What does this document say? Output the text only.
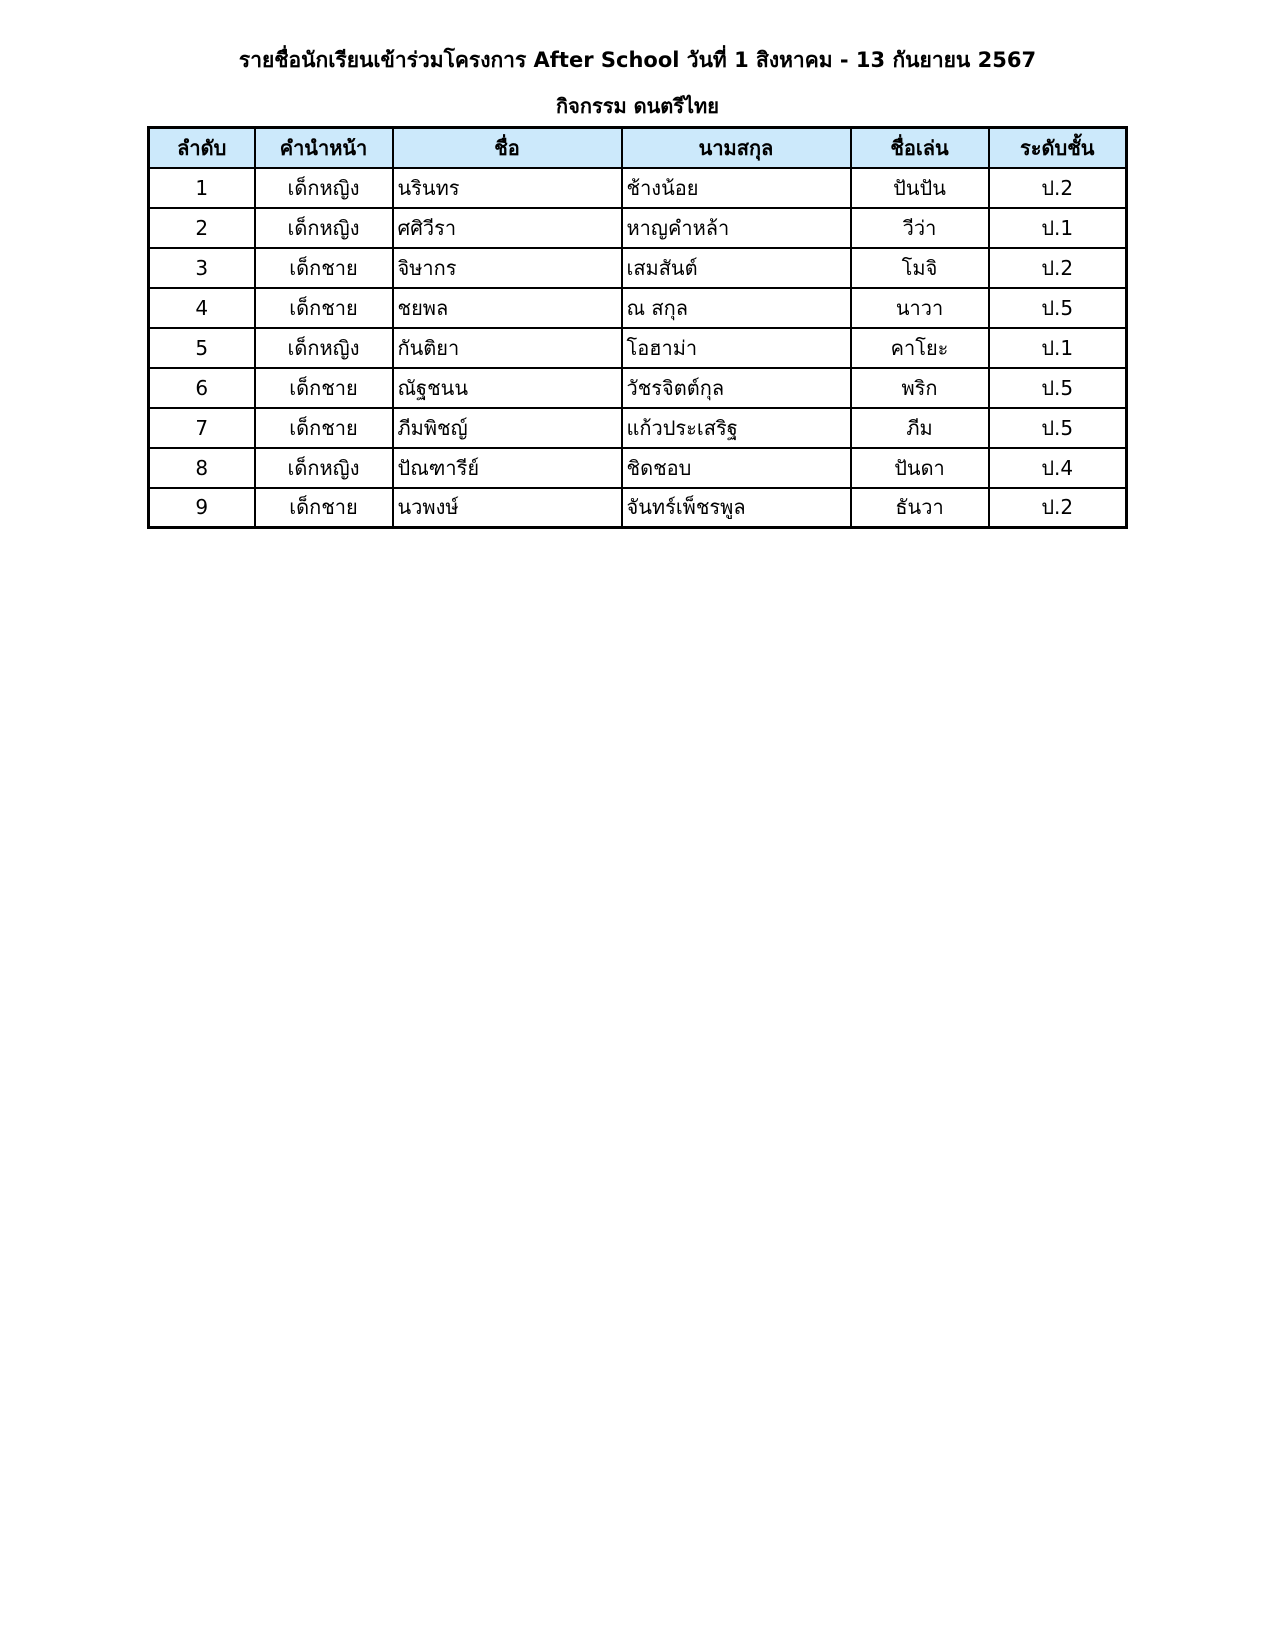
รายชื่อนักเรียนเข้าร่วมโครงการ After School วันที่ 1 สิงหาคม - 13 กันยายน 2567
กิจกรรม ดนตรีไทย
ลำดับ	คำนำหน้า	ชื่อ	นามสกุล	ชื่อเล่น	ระดับชั้น
1	เด็กหญิง	นรินทร	ช้างน้อย	ปันปัน	ป.2
2	เด็กหญิง	ศศิวีรา	หาญคำหล้า	วีว่า	ป.1
3	เด็กชาย	จิษากร	เสมสันต์	โมจิ	ป.2
4	เด็กชาย	ชยพล	ณ สกุล	นาวา	ป.5
5	เด็กหญิง	กันติยา	โอฮาม่า	คาโยะ	ป.1
6	เด็กชาย	ณัฐชนน	วัชรจิตต์กุล	พริก	ป.5
7	เด็กชาย	ภีมพิชญ์	แก้วประเสริฐ	ภีม	ป.5
8	เด็กหญิง	ปัณฑารีย์	ชิดชอบ	ปันดา	ป.4
9	เด็กชาย	นวพงษ์	จันทร์เพ็ชรพูล	ธันวา	ป.2
